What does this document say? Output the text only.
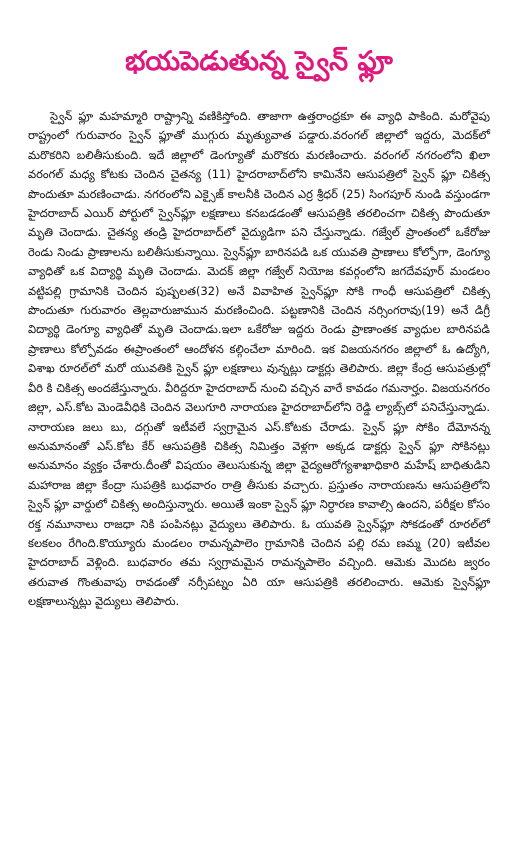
భయపెడుతున్న స్వైన్ ఫ్లూ

స్వైన్ ఫ్లూ మహమ్మారి రాష్ట్రాన్ని వణికిస్తోంది. తాజాగా ఉత్తరాంధ్రకూ ఈ వ్యాధి పాకింది. మరోవైపు రాష్ట్రంలో గురువారం స్వైన్ ఫ్లూతో ముగ్గురు మృత్యువాత పడ్డారు.వరంగల్ జిల్లాలో ఇద్దరు, మెదక్‌లో మరొకరిని బలితీసుకుంది. ఇదే జిల్లాలో డెంగ్యూతో మరొకరు మరణించారు. వరంగల్ నగరంలోని ఖిలా వరంగల్ మధ్య కోటకు చెందిన చైతన్య (11) హైదరాబాద్‌లోని కామినేని ఆసుపత్రిలో స్వైన్ ఫ్లూ చికిత్స పొందుతూ మరణించాడు. నగరంలోని ఎక్సైజ్ కాలనీకి చెందిన ఎర్ర శ్రీధర్ (25) సింగపూర్ నుండి వస్తుండగా హైదరాబాద్ ఎయిర్ పోర్టులో స్వైన్‌ఫ్లూ లక్షణాలు కనబడడంతో ఆసుపత్రికి తరలించగా చికిత్స పొందుతూ మృతి చెందాడు. చైతన్య తండ్రి హైదరాబాద్‌లో వైద్యుడిగా పని చేస్తున్నాడు. గజ్వేల్ ప్రాంతంలో ఒకేరోజు రెండు నిండు ప్రాణాలను బలితీసుకున్నాయి. స్వైన్‌ఫ్లూ బారినపడి ఒక యువతి ప్రాణాలు కోల్పోగా, డెంగ్యూ వ్యాధితో ఒక విద్యార్థి మృతి చెందాడు. మెదక్ జిల్లా గజ్వేల్ నియోజ కవర్గంలోని జగదేవపూర్ మండలం వట్టిపల్లి గ్రామానికి చెందిన పుష్పలత(32) అనే వివాహిత స్వైన్‌ఫ్లూ సోకి గాంధీ ఆసుపత్రిలో చికిత్స పొందుతూ గురువారం తెల్లవారుజామున మరణించింది. పట్టణానికి చెందిన నర్సింగరావు(19) అనే డిగ్రీ విద్యార్థి డెంగ్యూ వ్యాధితో మృతి చెందాడు.ఇలా ఒకేరోజు ఇద్దరు రెండు ప్రాణాంతక వ్యాధుల బారినపడి ప్రాణాలు కోల్పోవడం ఈప్రాంతంలో ఆందోళన కల్గించేలా మారింది. ఇక విజయనగరం జిల్లాలో ఓ ఉద్యోగి, విశాఖ రూరల్‌లో మరో యువతికి స్వైన్ ఫ్లూ లక్షణాలు వున్నట్లు డాక్టర్లు తెలిపారు. జిల్లా కేంద్ర ఆసుపత్రుల్లో వీరి కి చికిత్స అందజేస్తున్నారు. వీరిద్దరూ హైదరాబాద్ నుంచి వచ్చిన వారే కావడం గమనార్హం. విజయనగరం జిల్లా, ఎస్.కోట మెండెవీధికి చెందిన వెలుగూరి నారాయణ హైదరాబాద్‌లోని రెడ్డి ల్యాబ్స్‌లో పనిచేస్తున్నాడు. నారాయణ జలు బు, దగ్గుతో ఇటీవలే స్వగ్రామైన ఎస్.కోటకు చేరాడు. స్వైన్ ఫ్లూ సోకిం దేమోనన్న అనుమానంతో ఎస్.కోట కేర్ ఆసుపత్రికి చికిత్స నిమిత్తం వెళ్లగా అక్కడ డాక్టర్లు స్వైన్ ఫ్లూ సోకినట్లు అనుమానం వ్యక్తం చేశారు.దీంతో విషయం తెలుసుకున్న జిల్లా వైద్యఆరోగ్యశాఖాధికారి మహేష్ బాధితుడిని మహారాజ జిల్లా కేంద్రా సుపత్రికి బుధవారం రాత్రి తీసుకు వచ్చారు. ప్రస్తుతం నారాయణను ఆసుపత్రిలోని స్వైన్ ఫ్లూ వార్డులో చికిత్స అందిస్తున్నారు. అయితే ఇంకా స్వైన్ ఫ్లూ నిర్ధారణ కావాల్సి ఉందని, పరీక్షల కోసం రక్త నమూనాలు రాజధా నికి పంపినట్లు వైద్యులు తెలిపారు. ఓ యువతి స్వైన్‌ఫ్లూ సోకడంతో రూరల్‌లో కలకలం రేగింది.కొయ్యూరు మండలం రామన్నపాలెం గ్రామానికి చెందిన పల్లి రమ ణమ్మ (20) ఇటీవల హైదరాబాద్ వెళ్లింది. బుధవారం తమ స్వగ్రామమైన రామన్నపాలెం వచ్చింది. ఆమెకు మొదట జ్వరం తరువాత గొంతువాపు రావడంతో నర్సీపట్నం ఏరి యా ఆసుపత్రికి తరలించారు. ఆమెకు స్వైన్‌ఫ్లూ లక్షణాలున్నట్లు వైద్యులు తెలిపారు.
